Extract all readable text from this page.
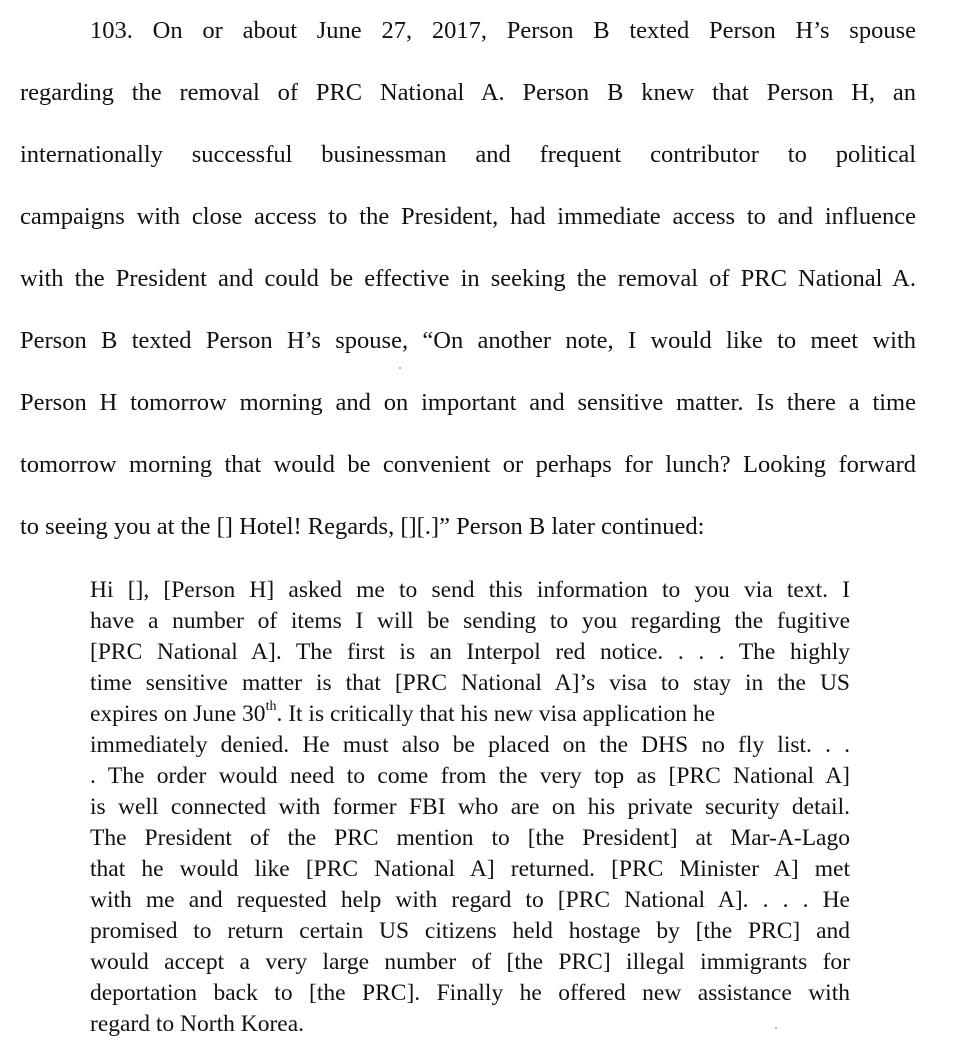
103. On or about June 27, 2017, Person B texted Person H’s spouse
regarding the removal of PRC National A. Person B knew that Person H, an
internationally successful businessman and frequent contributor to political
campaigns with close access to the President, had immediate access to and influence
with the President and could be effective in seeking the removal of PRC National A.
Person B texted Person H’s spouse, “On another note, I would like to meet with
Person H tomorrow morning and on important and sensitive matter. Is there a time
tomorrow morning that would be convenient or perhaps for lunch? Looking forward
to seeing you at the [] Hotel! Regards, [][.]” Person B later continued:
Hi [], [Person H] asked me to send this information to you via text. I
have a number of items I will be sending to you regarding the fugitive
[PRC National A]. The first is an Interpol red notice. . . . The highly
time sensitive matter is that [PRC National A]’s visa to stay in the US
expires on June 30th. It is critically that his new visa application he
immediately denied. He must also be placed on the DHS no fly list. . .
. The order would need to come from the very top as [PRC National A]
is well connected with former FBI who are on his private security detail.
The President of the PRC mention to [the President] at Mar-A-Lago
that he would like [PRC National A] returned. [PRC Minister A] met
with me and requested help with regard to [PRC National A]. . . . He
promised to return certain US citizens held hostage by [the PRC] and
would accept a very large number of [the PRC] illegal immigrants for
deportation back to [the PRC]. Finally he offered new assistance with
regard to North Korea.
